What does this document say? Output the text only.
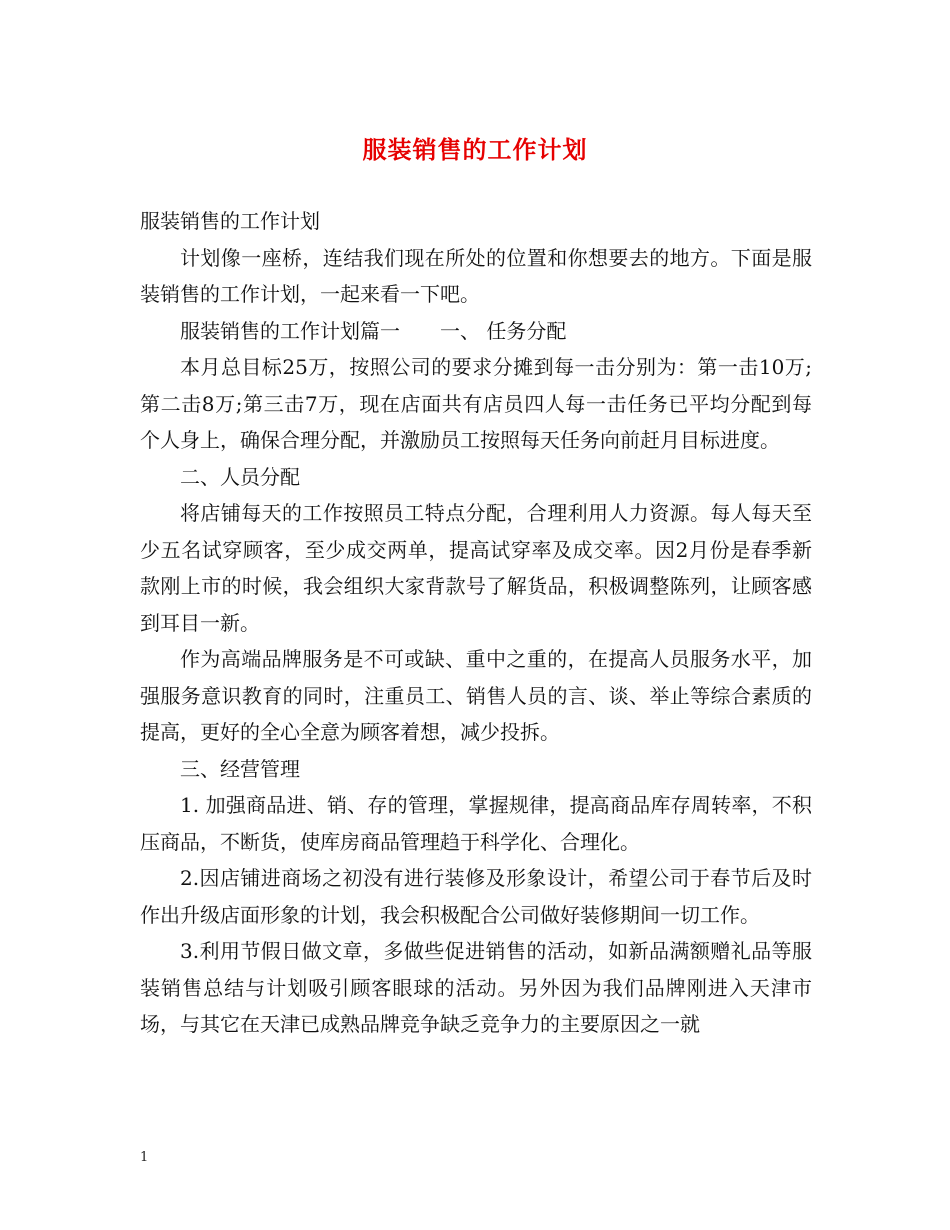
服装销售的工作计划

服装销售的工作计划

计划像一座桥，连结我们现在所处的位置和你想要去的地方。下面是服装销售的工作计划，一起来看一下吧。

服装销售的工作计划篇一　　一、 任务分配

本月总目标25万，按照公司的要求分摊到每一击分别为：第一击10万;第二击8万;第三击7万，现在店面共有店员四人每一击任务已平均分配到每个人身上，确保合理分配，并激励员工按照每天任务向前赶月目标进度。

二、人员分配

将店铺每天的工作按照员工特点分配，合理利用人力资源。每人每天至少五名试穿顾客，至少成交两单，提高试穿率及成交率。因2月份是春季新款刚上市的时候，我会组织大家背款号了解货品，积极调整陈列，让顾客感到耳目一新。

作为高端品牌服务是不可或缺、重中之重的，在提高人员服务水平，加强服务意识教育的同时，注重员工、销售人员的言、谈、举止等综合素质的提高，更好的全心全意为顾客着想，减少投拆。

三、经营管理

1. 加强商品进、销、存的管理，掌握规律，提高商品库存周转率，不积压商品，不断货，使库房商品管理趋于科学化、合理化。

2.因店铺进商场之初没有进行装修及形象设计，希望公司于春节后及时作出升级店面形象的计划，我会积极配合公司做好装修期间一切工作。

3.利用节假日做文章，多做些促进销售的活动，如新品满额赠礼品等服装销售总结与计划吸引顾客眼球的活动。另外因为我们品牌刚进入天津市场，与其它在天津已成熟品牌竞争缺乏竞争力的主要原因之一就

1
